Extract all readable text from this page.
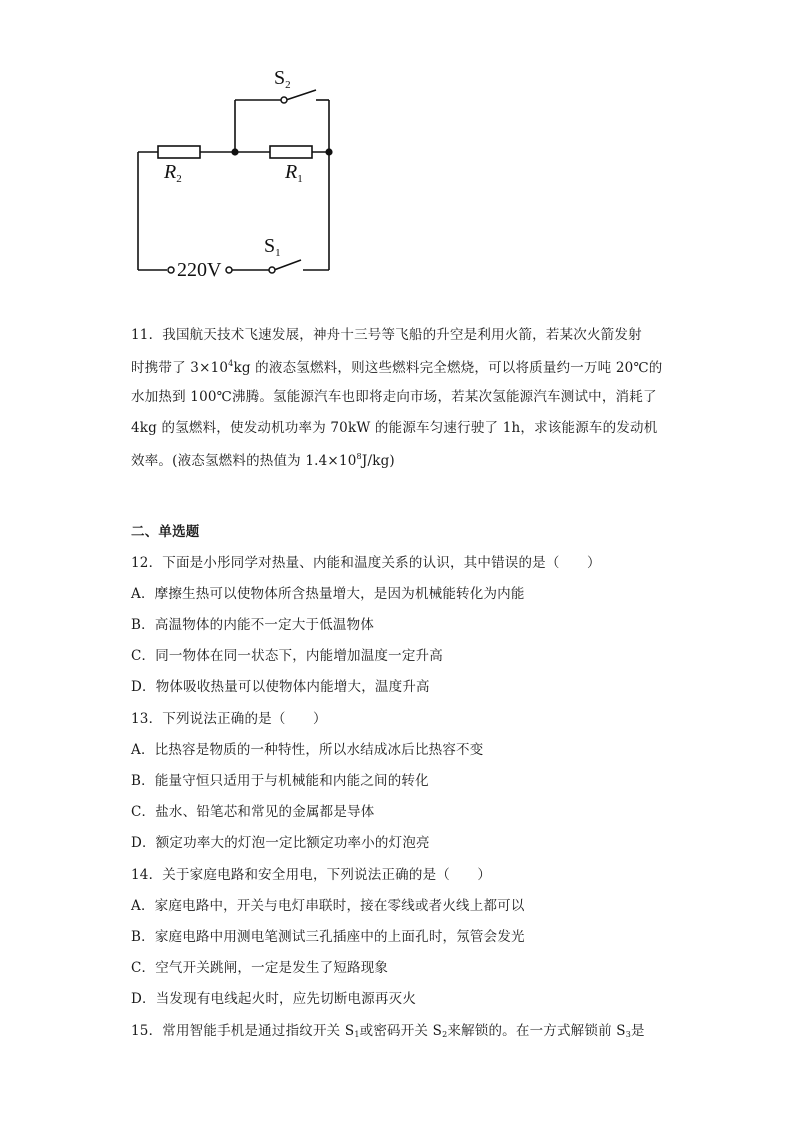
$S_2$
$R_2$	$R_1$
$S_1$
220V
11．我国航天技术飞速发展，神舟十三号等飞船的升空是利用火箭，若某次火箭发射
时携带了 $3\times 10^4kg$ 的液态氢燃料，则这些燃料完全燃烧，可以将质量约一万吨 20℃的
水加热到 100℃沸腾。氢能源汽车也即将走向市场，若某次氢能源汽车测试中，消耗了
4kg 的氢燃料，使发动机功率为 70kW 的能源车匀速行驶了 1h，求该能源车的发动机
效率。(液态氢燃料的热值为 $1.4\times 10^8J/kg$)
二、单选题
12．下面是小彤同学对热量、内能和温度关系的认识，其中错误的是（　　）
A．摩擦生热可以使物体所含热量增大，是因为机械能转化为内能
B．高温物体的内能不一定大于低温物体
C．同一物体在同一状态下，内能增加温度一定升高
D．物体吸收热量可以使物体内能增大，温度升高
13．下列说法正确的是（　　）
A．比热容是物质的一种特性，所以水结成冰后比热容不变
B．能量守恒只适用于与机械能和内能之间的转化
C．盐水、铅笔芯和常见的金属都是导体
D．额定功率大的灯泡一定比额定功率小的灯泡亮
14．关于家庭电路和安全用电，下列说法正确的是（　　）
A．家庭电路中，开关与电灯串联时，接在零线或者火线上都可以
B．家庭电路中用测电笔测试三孔插座中的上面孔时，氖管会发光
C．空气开关跳闸，一定是发生了短路现象
D．当发现有电线起火时，应先切断电源再灭火
15．常用智能手机是通过指纹开关 $S_1$或密码开关 $S_2$来解锁的。在一方式解锁前 $S_3$是
